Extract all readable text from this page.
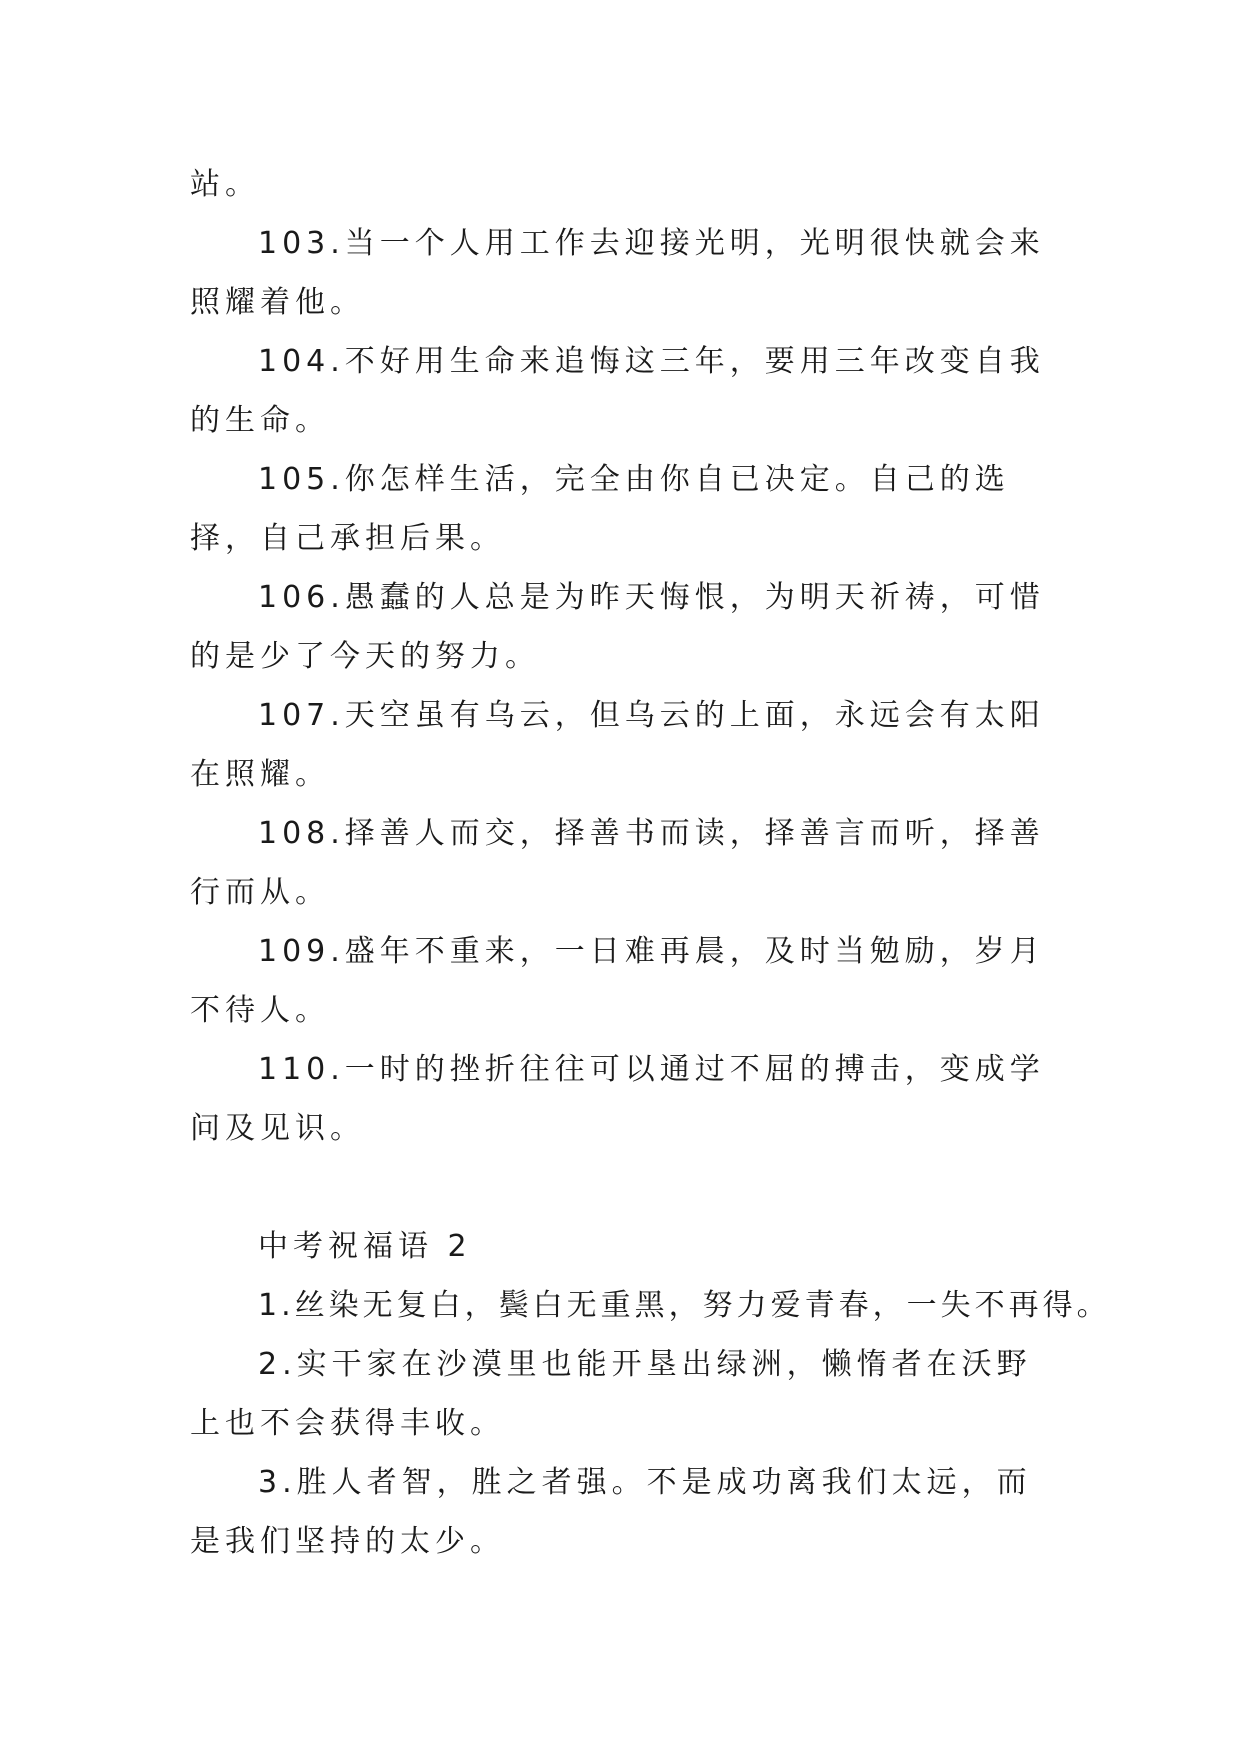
站。

103.当一个人用工作去迎接光明，光明很快就会来照耀着他。

104.不好用生命来追悔这三年，要用三年改变自我的生命。

105.你怎样生活，完全由你自已决定。自己的选择，自己承担后果。

106.愚蠢的人总是为昨天悔恨，为明天祈祷，可惜的是少了今天的努力。

107.天空虽有乌云，但乌云的上面，永远会有太阳在照耀。

108.择善人而交，择善书而读，择善言而听，择善行而从。

109.盛年不重来，一日难再晨，及时当勉励，岁月不待人。

110.一时的挫折往往可以通过不屈的搏击，变成学问及见识。

中考祝福语 2

1.丝染无复白，鬓白无重黑，努力爱青春，一失不再得。

2.实干家在沙漠里也能开垦出绿洲，懒惰者在沃野上也不会获得丰收。

3.胜人者智，胜之者强。不是成功离我们太远，而是我们坚持的太少。
